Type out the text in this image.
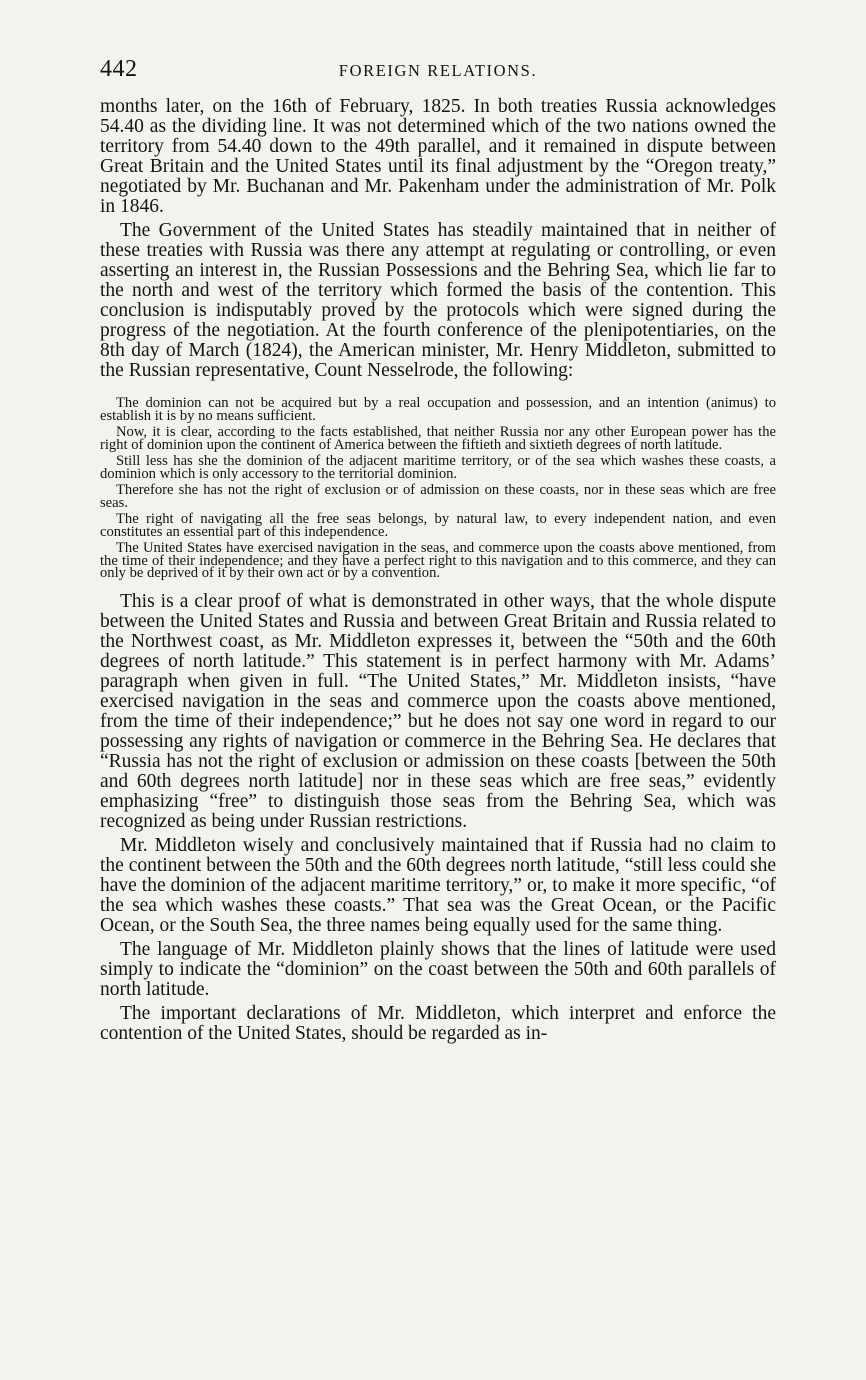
442	FOREIGN RELATIONS.

months later, on the 16th of February, 1825. In both treaties Russia acknowledges 54.40 as the dividing line. It was not determined which of the two nations owned the territory from 54.40 down to the 49th parallel, and it remained in dispute between Great Britain and the United States until its final adjustment by the “Oregon treaty,” negotiated by Mr. Buchanan and Mr. Pakenham under the administration of Mr. Polk in 1846.

The Government of the United States has steadily maintained that in neither of these treaties with Russia was there any attempt at regulating or controlling, or even asserting an interest in, the Russian Possessions and the Behring Sea, which lie far to the north and west of the territory which formed the basis of the contention. This conclusion is indisputably proved by the protocols which were signed during the progress of the negotiation. At the fourth conference of the plenipotentiaries, on the 8th day of March (1824), the American minister, Mr. Henry Middleton, submitted to the Russian representative, Count Nesselrode, the following:

The dominion can not be acquired but by a real occupation and possession, and an intention (animus) to establish it is by no means sufficient.

Now, it is clear, according to the facts established, that neither Russia nor any other European power has the right of dominion upon the continent of America between the fiftieth and sixtieth degrees of north latitude.

Still less has she the dominion of the adjacent maritime territory, or of the sea which washes these coasts, a dominion which is only accessory to the territorial dominion.

Therefore she has not the right of exclusion or of admission on these coasts, nor in these seas which are free seas.

The right of navigating all the free seas belongs, by natural law, to every independent nation, and even constitutes an essential part of this independence.

The United States have exercised navigation in the seas, and commerce upon the coasts above mentioned, from the time of their independence; and they have a perfect right to this navigation and to this commerce, and they can only be deprived of it by their own act or by a convention.

This is a clear proof of what is demonstrated in other ways, that the whole dispute between the United States and Russia and between Great Britain and Russia related to the Northwest coast, as Mr. Middleton expresses it, between the “50th and the 60th degrees of north latitude.” This statement is in perfect harmony with Mr. Adams’ paragraph when given in full. “The United States,” Mr. Middleton insists, “have exercised navigation in the seas and commerce upon the coasts above mentioned, from the time of their independence;” but he does not say one word in regard to our possessing any rights of navigation or commerce in the Behring Sea. He declares that “Russia has not the right of exclusion or admission on these coasts [between the 50th and 60th degrees north latitude] nor in these seas which are free seas,” evidently emphasizing “free” to distinguish those seas from the Behring Sea, which was recognized as being under Russian restrictions.

Mr. Middleton wisely and conclusively maintained that if Russia had no claim to the continent between the 50th and the 60th degrees north latitude, “still less could she have the dominion of the adjacent maritime territory,” or, to make it more specific, “of the sea which washes these coasts.” That sea was the Great Ocean, or the Pacific Ocean, or the South Sea, the three names being equally used for the same thing.

The language of Mr. Middleton plainly shows that the lines of latitude were used simply to indicate the “dominion” on the coast between the 50th and 60th parallels of north latitude.

The important declarations of Mr. Middleton, which interpret and enforce the contention of the United States, should be regarded as in-
